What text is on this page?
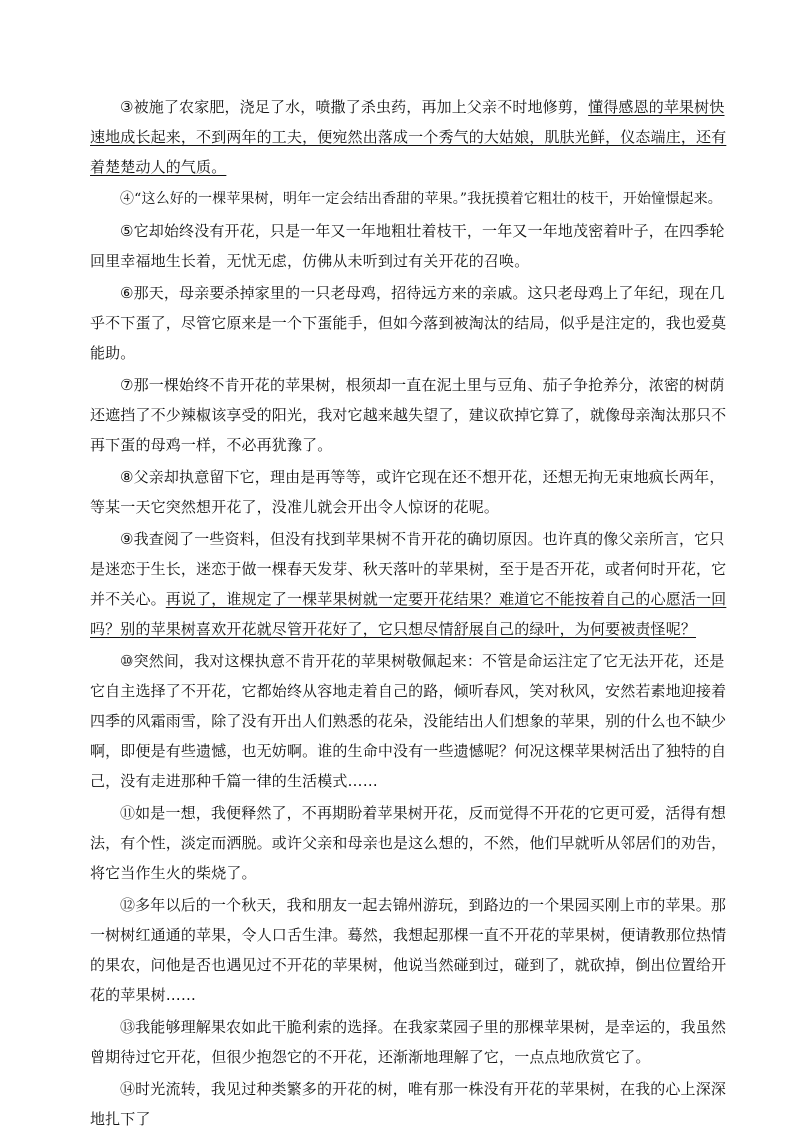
③被施了农家肥，浇足了水，喷撒了杀虫药，再加上父亲不时地修剪，懂得感恩的苹果树快速地成长起来，不到两年的工夫，便宛然出落成一个秀气的大姑娘，肌肤光鲜，仪态端庄，还有着楚楚动人的气质。

④“这么好的一棵苹果树，明年一定会结出香甜的苹果。”我抚摸着它粗壮的枝干，开始憧憬起来。

⑤它却始终没有开花，只是一年又一年地粗壮着枝干，一年又一年地茂密着叶子，在四季轮回里幸福地生长着，无忧无虑，仿佛从未听到过有关开花的召唤。

⑥那天，母亲要杀掉家里的一只老母鸡，招待远方来的亲戚。这只老母鸡上了年纪，现在几乎不下蛋了，尽管它原来是一个下蛋能手，但如今落到被淘汰的结局，似乎是注定的，我也爱莫能助。

⑦那一棵始终不肯开花的苹果树，根须却一直在泥土里与豆角、茄子争抢养分，浓密的树荫还遮挡了不少辣椒该享受的阳光，我对它越来越失望了，建议砍掉它算了，就像母亲淘汰那只不再下蛋的母鸡一样，不必再犹豫了。

⑧父亲却执意留下它，理由是再等等，或许它现在还不想开花，还想无拘无束地疯长两年，等某一天它突然想开花了，没准儿就会开出令人惊讶的花呢。

⑨我查阅了一些资料，但没有找到苹果树不肯开花的确切原因。也许真的像父亲所言，它只是迷恋于生长，迷恋于做一棵春天发芽、秋天落叶的苹果树，至于是否开花，或者何时开花，它并不关心。再说了，谁规定了一棵苹果树就一定要开花结果？难道它不能按着自己的心愿活一回吗？别的苹果树喜欢开花就尽管开花好了，它只想尽情舒展自己的绿叶，为何要被责怪呢？

⑩突然间，我对这棵执意不肯开花的苹果树敬佩起来：不管是命运注定了它无法开花，还是它自主选择了不开花，它都始终从容地走着自己的路，倾听春风，笑对秋风，安然若素地迎接着四季的风霜雨雪，除了没有开出人们熟悉的花朵，没能结出人们想象的苹果，别的什么也不缺少啊，即便是有些遗憾，也无妨啊。谁的生命中没有一些遗憾呢？何况这棵苹果树活出了独特的自己，没有走进那种千篇一律的生活模式……

⑪如是一想，我便释然了，不再期盼着苹果树开花，反而觉得不开花的它更可爱，活得有想法，有个性，淡定而洒脱。或许父亲和母亲也是这么想的，不然，他们早就听从邻居们的劝告，将它当作生火的柴烧了。

⑫多年以后的一个秋天，我和朋友一起去锦州游玩，到路边的一个果园买刚上市的苹果。那一树树红通通的苹果，令人口舌生津。蓦然，我想起那棵一直不开花的苹果树，便请教那位热情的果农，问他是否也遇见过不开花的苹果树，他说当然碰到过，碰到了，就砍掉，倒出位置给开花的苹果树……

⑬我能够理解果农如此干脆利索的选择。在我家菜园子里的那棵苹果树，是幸运的，我虽然曾期待过它开花，但很少抱怨它的不开花，还渐渐地理解了它，一点点地欣赏它了。

⑭时光流转，我见过种类繁多的开花的树，唯有那一株没有开花的苹果树，在我的心上深深地扎下了
